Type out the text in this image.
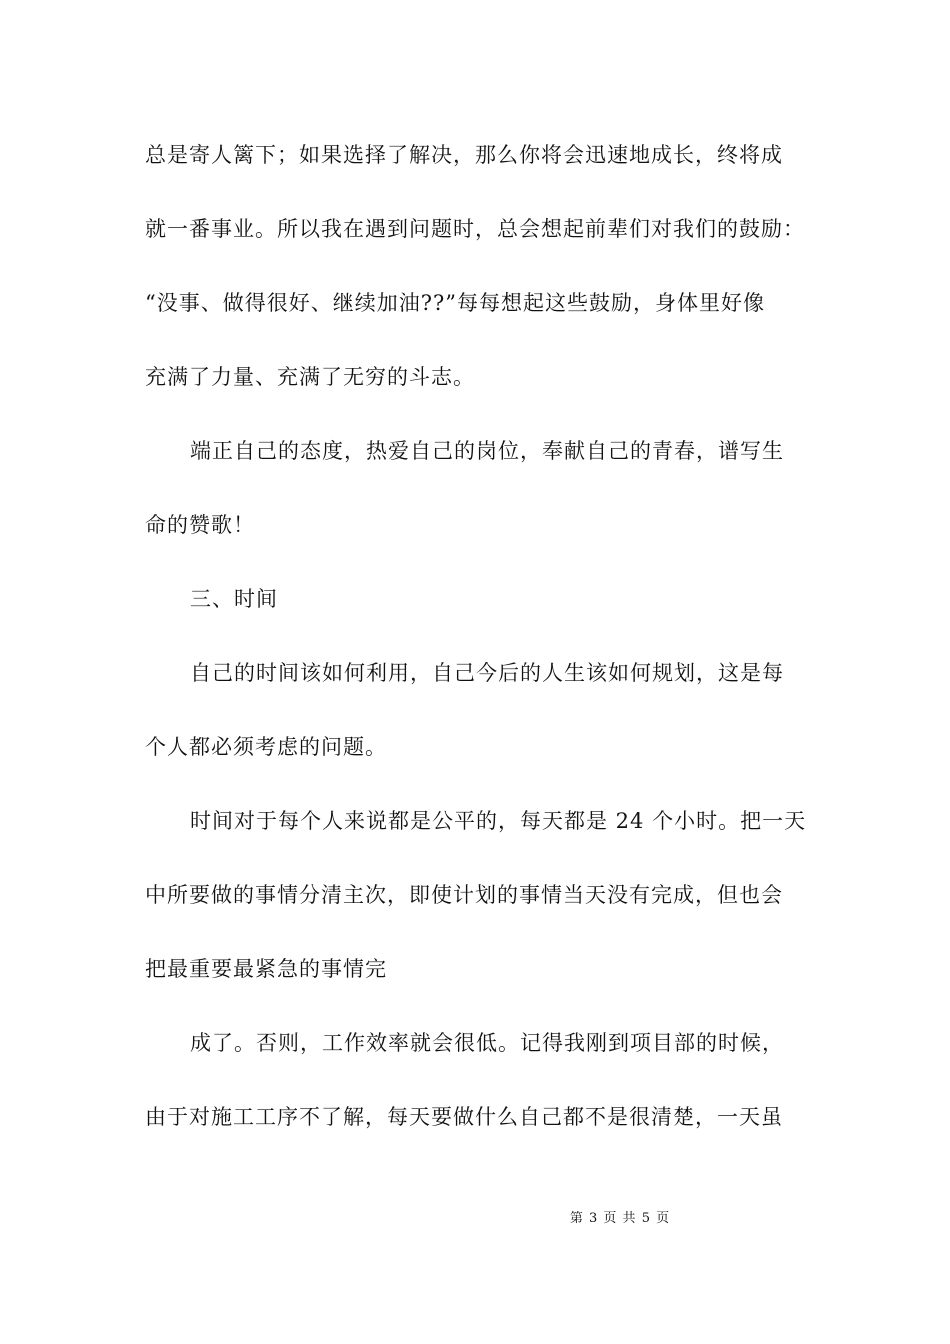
总是寄人篱下；如果选择了解决，那么你将会迅速地成长，终将成
就一番事业。所以我在遇到问题时，总会想起前辈们对我们的鼓励：
“没事、做得很好、继续加油??”每每想起这些鼓励，身体里好像
充满了力量、充满了无穷的斗志。
端正自己的态度，热爱自己的岗位，奉献自己的青春，谱写生
命的赞歌！
三、时间
自己的时间该如何利用，自己今后的人生该如何规划，这是每
个人都必须考虑的问题。
时间对于每个人来说都是公平的，每天都是 24 个小时。把一天
中所要做的事情分清主次，即使计划的事情当天没有完成，但也会
把最重要最紧急的事情完
成了。否则，工作效率就会很低。记得我刚到项目部的时候，
由于对施工工序不了解，每天要做什么自己都不是很清楚，一天虽
第 3 页 共 5 页
